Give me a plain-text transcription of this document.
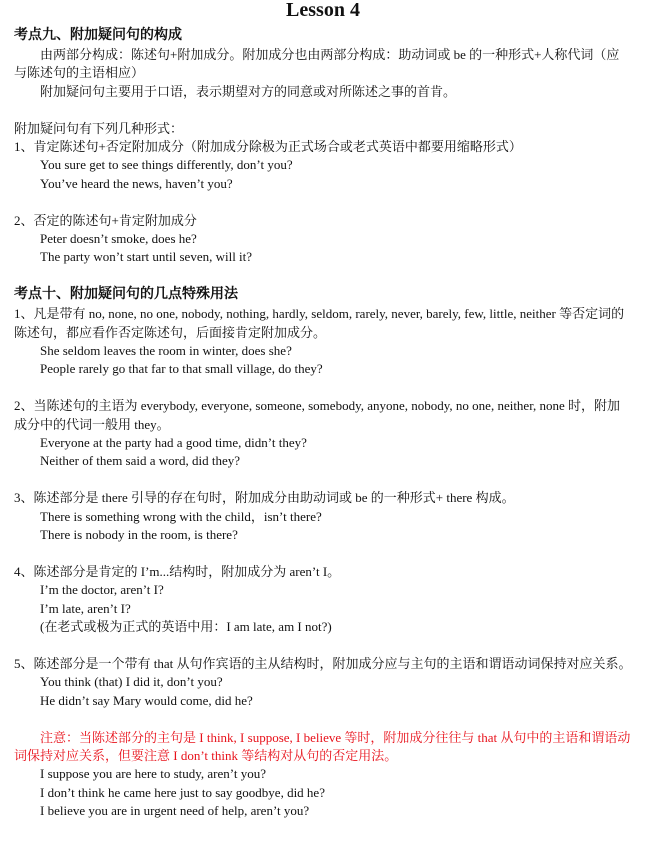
Lesson 4
考点九、附加疑问句的构成

由两部分构成：陈述句+附加成分。附加成分也由两部分构成：助动词或 be 的一种形式+人称代词（应与陈述句的主语相应）

附加疑问句主要用于口语，表示期望对方的同意或对所陈述之事的首肯。

附加疑问句有下列几种形式：

1、肯定陈述句+否定附加成分（附加成分除极为正式场合或老式英语中都要用缩略形式）

You sure get to see things differently, don’t you?

You’ve heard the news, haven’t you?

2、否定的陈述句+肯定附加成分

Peter doesn’t smoke, does he?

The party won’t start until seven, will it?

考点十、附加疑问句的几点特殊用法

1、凡是带有 no, none, no one, nobody, nothing, hardly, seldom, rarely, never, barely, few, little, neither 等否定词的陈述句，都应看作否定陈述句，后面接肯定附加成分。

She seldom leaves the room in winter, does she?

People rarely go that far to that small village, do they?

2、当陈述句的主语为 everybody, everyone, someone, somebody, anyone, nobody, no one, neither, none 时，附加成分中的代词一般用 they。

Everyone at the party had a good time, didn’t they?

Neither of them said a word, did they?

3、陈述部分是 there 引导的存在句时，附加成分由助动词或 be 的一种形式+ there 构成。

There is something wrong with the child，isn’t there?

There is nobody in the room, is there?

4、陈述部分是肯定的 I’m...结构时，附加成分为 aren’t I。

I’m the doctor, aren’t I?

I’m late, aren’t I?

(在老式或极为正式的英语中用：I am late, am I not?)

5、陈述部分是一个带有 that 从句作宾语的主从结构时，附加成分应与主句的主语和谓语动词保持对应关系。

You think (that) I did it, don’t you?

He didn’t say Mary would come, did he?

注意：当陈述部分的主句是 I think, I suppose, I believe 等时，附加成分往往与 that 从句中的主语和谓语动词保持对应关系，但要注意 I don’t think 等结构对从句的否定用法。

I suppose you are here to study, aren’t you?

I don’t think he came here just to say goodbye, did he?

I believe you are in urgent need of help, aren’t you?
